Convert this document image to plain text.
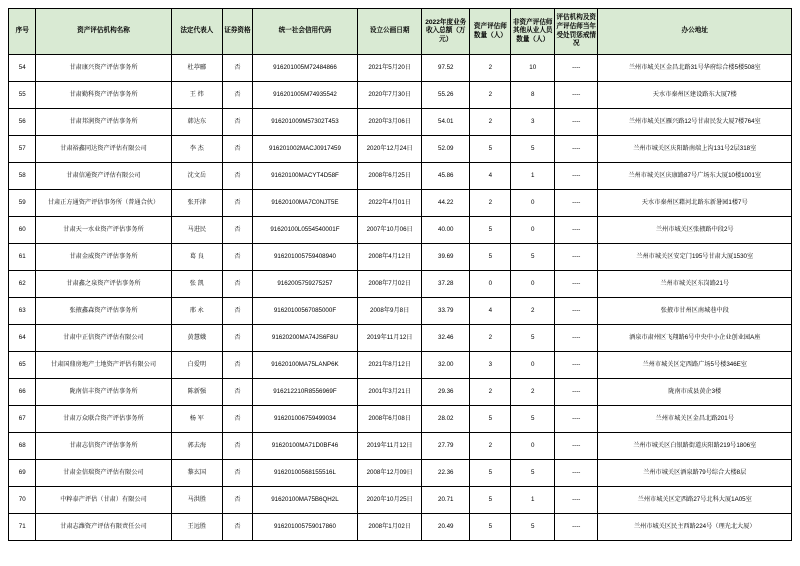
序号	资产评估机构名称	法定代表人	证券资格	统一社会信用代码	设立公画日期	2022年度业务收入总额（万元）	资产评估师数量（人）	非资产评估师其他从业人员数量（人）	评估机构及资产评估师当年受处罚惩戒情况	办公地址
54	甘肃康兴资产评估事务所	杜葶郦	否	916201005M72484866	2021年5月20日	97.52	2	10	----	兰州市城关区金昌北路31号华府综合楼5楼508室
55	甘肃勤科资产评估事务所	王 炜	否	916201005M74935542	2020年7月30日	55.26	2	8	----	天水市秦州区建设路东大厦7楼
56	甘肃邦润资产评估事务所	韩达东	否	916201009M57302T453	2020年3月06日	54.01	2	3	----	兰州市城关区雁兴路12号甘肃民发大厦7楼764室
57	甘肃裕鑫同达资产评估有限公司	李 杰	否	916201002MACJ0917459	2020年12月24日	52.09	5	5	----	兰州市城关区庆阳路南端上沟131号2层318室
58	甘肃信通资产评估有限公司	沈文岳	否	91620100MACYT4D58F	2008年6月25日	45.86	4	1	----	兰州市城关区庆康路87号广场东大厦10楼1001室
59	甘肃正方通资产评估事务所（普通合伙）	张开津	否	91620100MA7C0NJT5E	2022年4月01日	44.22	2	0	----	天水市秦州区藉河北路东新暑园1楼7号
60	甘肃天一水业资产评估事务所	马进民	否	91620100L0554540001F	2007年10月06日	40.00	5	0	----	兰州市城关区张掖路中段2号
61	甘肃金威资产评估事务所	葛 良	否	916201005759408940	2008年4月12日	39.69	5	5	----	兰州市城关区安定门195号甘肃大厦1530室
62	甘肃鑫之泉资产评估事务所	张 凯	否	9162005759275257	2008年7月02日	37.28	0	0	----	兰州市城关区东岗路21号
63	张掖鑫森资产评估事务所	邢 永	否	91620100567085000F	2008年9月8日	33.79	4	2	----	张掖市甘州区南城巷中段
64	甘肃中正信资产评估有限公司	黄慧娥	否	91620200MA74JS6F8U	2019年11月12日	32.46	2	5	----	酒泉市肃州区飞翔路6号中央中小企业创业园A座
65	甘肃国鼎房地产土地资产评估有限公司	白爱明	否	91620100MA75LANP6K	2021年8月12日	32.00	3	0	----	兰州市城关区定西路广场5号楼346E室
66	陇南信丰资产评估事务所	陈新强	否	916212210R8556969F	2001年3月21日	29.36	2	2	----	陇南市成县黄企3楼
67	甘肃万众联合资产评估事务所	杨 军	否	916201006759499034	2008年6月08日	28.02	5	5	----	兰州市城关区金昌北路201号
68	甘肃志信资产评估事务所	郭去海	否	91620100MA71D0BF46	2019年11月12日	27.79	2	0	----	兰州市城关区白银路街道庆阳路219号1806室
69	甘肃金信瑞资产评估有限公司	黎玄国	否	91620100568155516L	2008年12月09日	22.36	5	5	----	兰州市城关区酒泉路79号综合大楼8层
70	中粹泰产评估（甘肃）有限公司	马洪胜	否	91620100MA75B6QH2L	2020年10月25日	20.71	5	1	----	兰州市城关区定西路27号北科大厦1A05室
71	甘肃志潍资产评估有限责任公司	王远胜	否	916201005759017860	2008年1月02日	20.49	5	5	----	兰州市城关区民主西路224号（理光北大厦）
